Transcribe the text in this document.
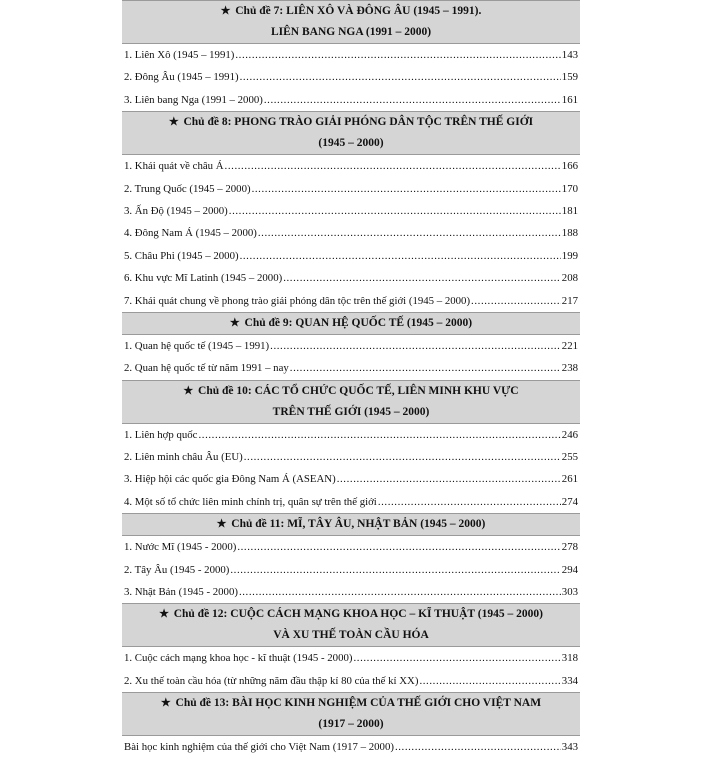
★ Chủ đề 7: LIÊN XÔ VÀ ĐÔNG ÂU (1945 – 1991).
LIÊN BANG NGA (1991 – 2000)
1. Liên Xô (1945 – 1991) .....	143
2. Đông Âu (1945 – 1991) .....	159
3. Liên bang Nga (1991 – 2000) .....	161
★ Chủ đề 8: PHONG TRÀO GIẢI PHÓNG DÂN TỘC TRÊN THẾ GIỚI
(1945 – 2000)
1. Khái quát về châu Á .....	166
2. Trung Quốc (1945 – 2000) .....	170
3. Ấn Độ (1945 – 2000) .....	181
4. Đông Nam Á (1945 – 2000) .....	188
5. Châu Phi (1945 – 2000) .....	199
6. Khu vực Mĩ Latinh (1945 – 2000) .....	208
7. Khái quát chung về phong trào giải phóng dân tộc trên thế giới (1945 – 2000) .....	217
★ Chủ đề 9: QUAN HỆ QUỐC TẾ (1945 – 2000)
1. Quan hệ quốc tế (1945 – 1991) .....	221
2. Quan hệ quốc tế từ năm 1991 – nay .....	238
★ Chủ đề 10: CÁC TỔ CHỨC QUỐC TẾ, LIÊN MINH KHU VỰC
TRÊN THẾ GIỚI (1945 – 2000)
1. Liên hợp quốc .....	246
2. Liên minh châu Âu (EU) .....	255
3. Hiệp hội các quốc gia Đông Nam Á (ASEAN) .....	261
4. Một số tổ chức liên minh chính trị, quân sự trên thế giới .....	274
★ Chủ đề 11: MĨ, TÂY ÂU, NHẬT BẢN (1945 – 2000)
1. Nước Mĩ (1945 - 2000) .....	278
2. Tây Âu (1945 - 2000) .....	294
3. Nhật Bản (1945 - 2000) .....	303
★ Chủ đề 12: CUỘC CÁCH MẠNG KHOA HỌC – KĨ THUẬT (1945 – 2000)
VÀ XU THẾ TOÀN CẦU HÓA
1. Cuộc cách mạng khoa học - kĩ thuật (1945 - 2000) .....	318
2. Xu thế toàn cầu hóa (từ những năm đầu thập kỉ 80 của thế kỉ XX) .....	334
★ Chủ đề 13: BÀI HỌC KINH NGHIỆM CỦA THẾ GIỚI CHO VIỆT NAM
(1917 – 2000)
Bài học kinh nghiệm của thế giới cho Việt Nam (1917 – 2000) .....	343
